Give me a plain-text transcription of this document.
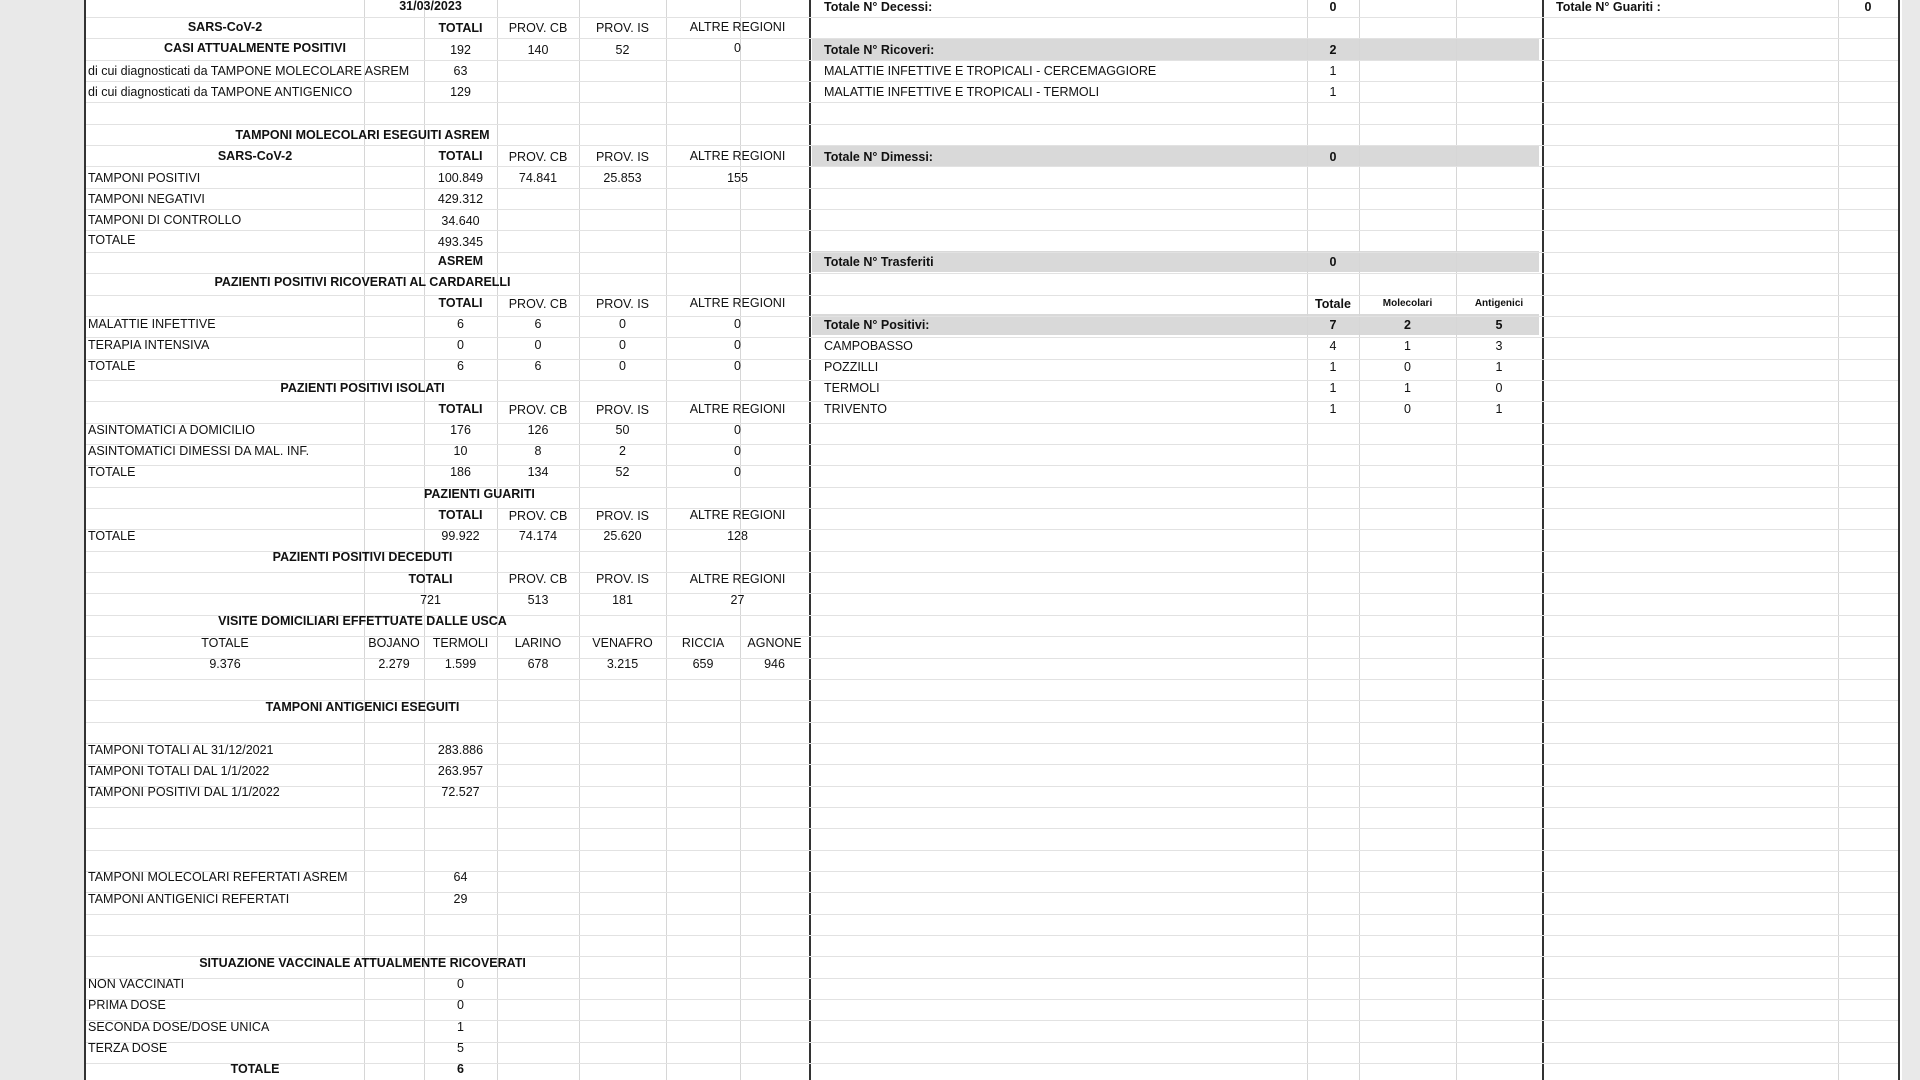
31/03/2023
SARS-CoV-2	TOTALI	PROV. CB	PROV. IS	ALTRE REGIONI
CASI ATTUALMENTE POSITIVI	192	140	52	0
di cui diagnosticati da TAMPONE MOLECOLARE ASREM	63
di cui diagnosticati da TAMPONE ANTIGENICO	129
TAMPONI MOLECOLARI ESEGUITI ASREM
SARS-CoV-2	TOTALI	PROV. CB	PROV. IS	ALTRE REGIONI
TAMPONI POSITIVI	100.849	74.841	25.853	155
TAMPONI NEGATIVI	429.312
TAMPONI DI CONTROLLO	34.640
TOTALE	493.345
ASREM
PAZIENTI POSITIVI RICOVERATI AL CARDARELLI
TOTALI	PROV. CB	PROV. IS	ALTRE REGIONI
MALATTIE INFETTIVE	6	6	0	0
TERAPIA INTENSIVA	0	0	0	0
TOTALE	6	6	0	0
PAZIENTI POSITIVI ISOLATI
TOTALI	PROV. CB	PROV. IS	ALTRE REGIONI
ASINTOMATICI A DOMICILIO	176	126	50	0
ASINTOMATICI DIMESSI DA MAL. INF.	10	8	2	0
TOTALE	186	134	52	0
PAZIENTI GUARITI
TOTALI	PROV. CB	PROV. IS	ALTRE REGIONI
TOTALE	99.922	74.174	25.620	128
PAZIENTI POSITIVI DECEDUTI
TOTALI	PROV. CB	PROV. IS	ALTRE REGIONI
721	513	181	27
VISITE DOMICILIARI EFFETTUATE DALLE USCA
TOTALE	BOJANO	TERMOLI	LARINO	VENAFRO	RICCIA	AGNONE
9.376	2.279	1.599	678	3.215	659	946
TAMPONI ANTIGENICI ESEGUITI
TAMPONI TOTALI AL 31/12/2021	283.886
TAMPONI TOTALI DAL 1/1/2022	263.957
TAMPONI POSITIVI DAL 1/1/2022	72.527
TAMPONI MOLECOLARI REFERTATI ASREM	64
TAMPONI ANTIGENICI REFERTATI	29
SITUAZIONE VACCINALE ATTUALMENTE RICOVERATI
NON VACCINATI	0
PRIMA DOSE	0
SECONDA DOSE/DOSE UNICA	1
TERZA DOSE	5
TOTALE	6
Totale N° Decessi:	0
Totale N° Ricoveri:	2
MALATTIE INFETTIVE E TROPICALI - CERCEMAGGIORE	1
MALATTIE INFETTIVE E TROPICALI - TERMOLI	1
Totale N° Dimessi:	0
Totale N° Trasferiti	0
Totale	Molecolari	Antigenici
Totale N° Positivi:	7	2	5
CAMPOBASSO	4	1	3
POZZILLI	1	0	1
TERMOLI	1	1	0
TRIVENTO	1	0	1
Totale N° Guariti :	0
